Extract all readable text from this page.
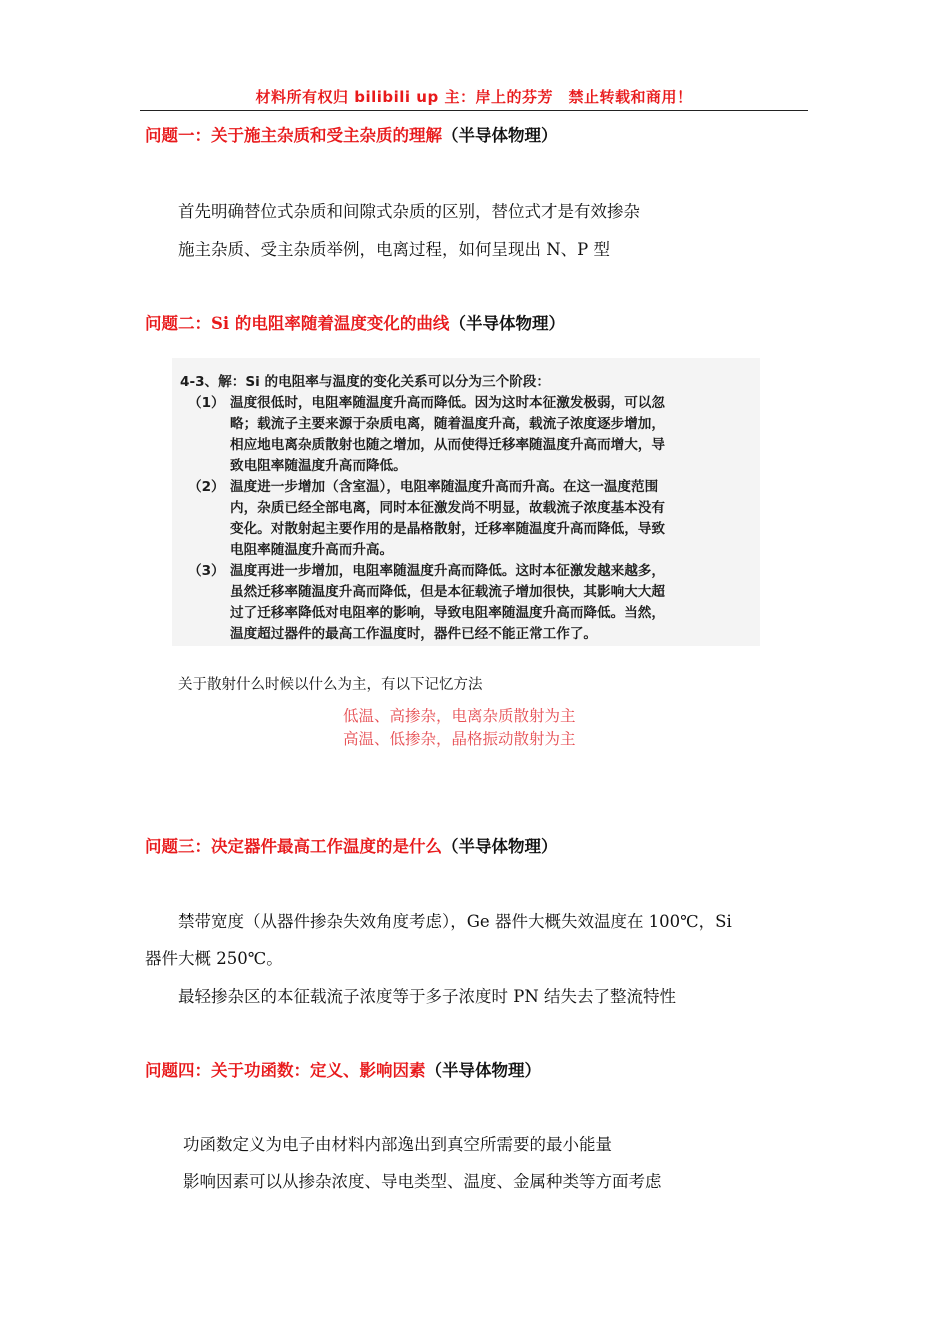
材料所有权归 bilibili up 主：岸上的芬芳　禁止转载和商用！
问题一：关于施主杂质和受主杂质的理解（半导体物理）
首先明确替位式杂质和间隙式杂质的区别，替位式才是有效掺杂
施主杂质、受主杂质举例，电离过程，如何呈现出 N、P 型
问题二：Si 的电阻率随着温度变化的曲线（半导体物理）
4-3、解：Si 的电阻率与温度的变化关系可以分为三个阶段：
（1） 温度很低时，电阻率随温度升高而降低。因为这时本征激发极弱，可以忽
略；载流子主要来源于杂质电离，随着温度升高，载流子浓度逐步增加，
相应地电离杂质散射也随之增加，从而使得迁移率随温度升高而增大，导
致电阻率随温度升高而降低。
（2） 温度进一步增加（含室温），电阻率随温度升高而升高。在这一温度范围
内，杂质已经全部电离，同时本征激发尚不明显，故载流子浓度基本没有
变化。对散射起主要作用的是晶格散射，迁移率随温度升高而降低，导致
电阻率随温度升高而升高。
（3） 温度再进一步增加，电阻率随温度升高而降低。这时本征激发越来越多，
虽然迁移率随温度升高而降低，但是本征载流子增加很快，其影响大大超
过了迁移率降低对电阻率的影响，导致电阻率随温度升高而降低。当然，
温度超过器件的最高工作温度时，器件已经不能正常工作了。
关于散射什么时候以什么为主，有以下记忆方法
低温、高掺杂，电离杂质散射为主
高温、低掺杂，晶格振动散射为主
问题三：决定器件最高工作温度的是什么（半导体物理）
禁带宽度（从器件掺杂失效角度考虑），Ge 器件大概失效温度在 100℃，Si
器件大概 250℃。
最轻掺杂区的本征载流子浓度等于多子浓度时 PN 结失去了整流特性
问题四：关于功函数：定义、影响因素（半导体物理）
功函数定义为电子由材料内部逸出到真空所需要的最小能量
影响因素可以从掺杂浓度、导电类型、温度、金属种类等方面考虑
